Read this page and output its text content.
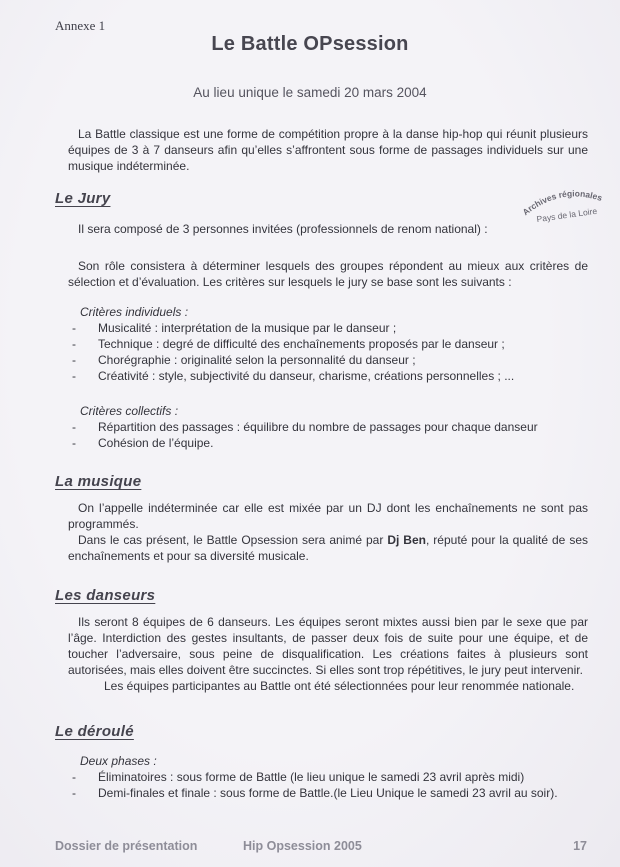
Annexe 1
Le Battle OPsession
Au lieu unique le samedi 20 mars 2004

La Battle classique est une forme de compétition propre à la danse hip-hop qui réunit plusieurs équipes de 3 à 7 danseurs afin qu’elles s’affrontent sous forme de passages individuels sur une musique indéterminée.

Archives régionales
Pays de la Loire
Le Jury

Il sera composé de 3 personnes invitées (professionnels de renom national) :

Son rôle consistera à déterminer lesquels des groupes répondent au mieux aux critères de sélection et d’évaluation. Les critères sur lesquels le jury se base sont les suivants :

Critères individuels :
- Musicalité : interprétation de la musique par le danseur ;
- Technique : degré de difficulté des enchaînements proposés par le danseur ;
- Chorégraphie : originalité selon la personnalité du danseur ;
- Créativité : style, subjectivité du danseur, charisme, créations personnelles ; ...
Critères collectifs :
- Répartition des passages : équilibre du nombre de passages pour chaque danseur
- Cohésion de l’équipe.
La musique

On l’appelle indéterminée car elle est mixée par un DJ dont les enchaînements ne sont pas programmés.

Dans le cas présent, le Battle Opsession sera animé par Dj Ben, réputé pour la qualité de ses enchaînements et pour sa diversité musicale.

Les danseurs

Ils seront 8 équipes de 6 danseurs. Les équipes seront mixtes aussi bien par le sexe que par l’âge. Interdiction des gestes insultants, de passer deux fois de suite pour une équipe, et de toucher l’adversaire, sous peine de disqualification. Les créations faites à plusieurs sont autorisées, mais elles doivent être succinctes. Si elles sont trop répétitives, le jury peut intervenir.

Les équipes participantes au Battle ont été sélectionnées pour leur renommée nationale.

Le déroulé
Deux phases :
- Éliminatoires : sous forme de Battle (le lieu unique le samedi 23 avril après midi)
- Demi-finales et finale : sous forme de Battle.(le Lieu Unique le samedi 23 avril au soir).
Dossier de présentation	Hip Opsession 2005	17
